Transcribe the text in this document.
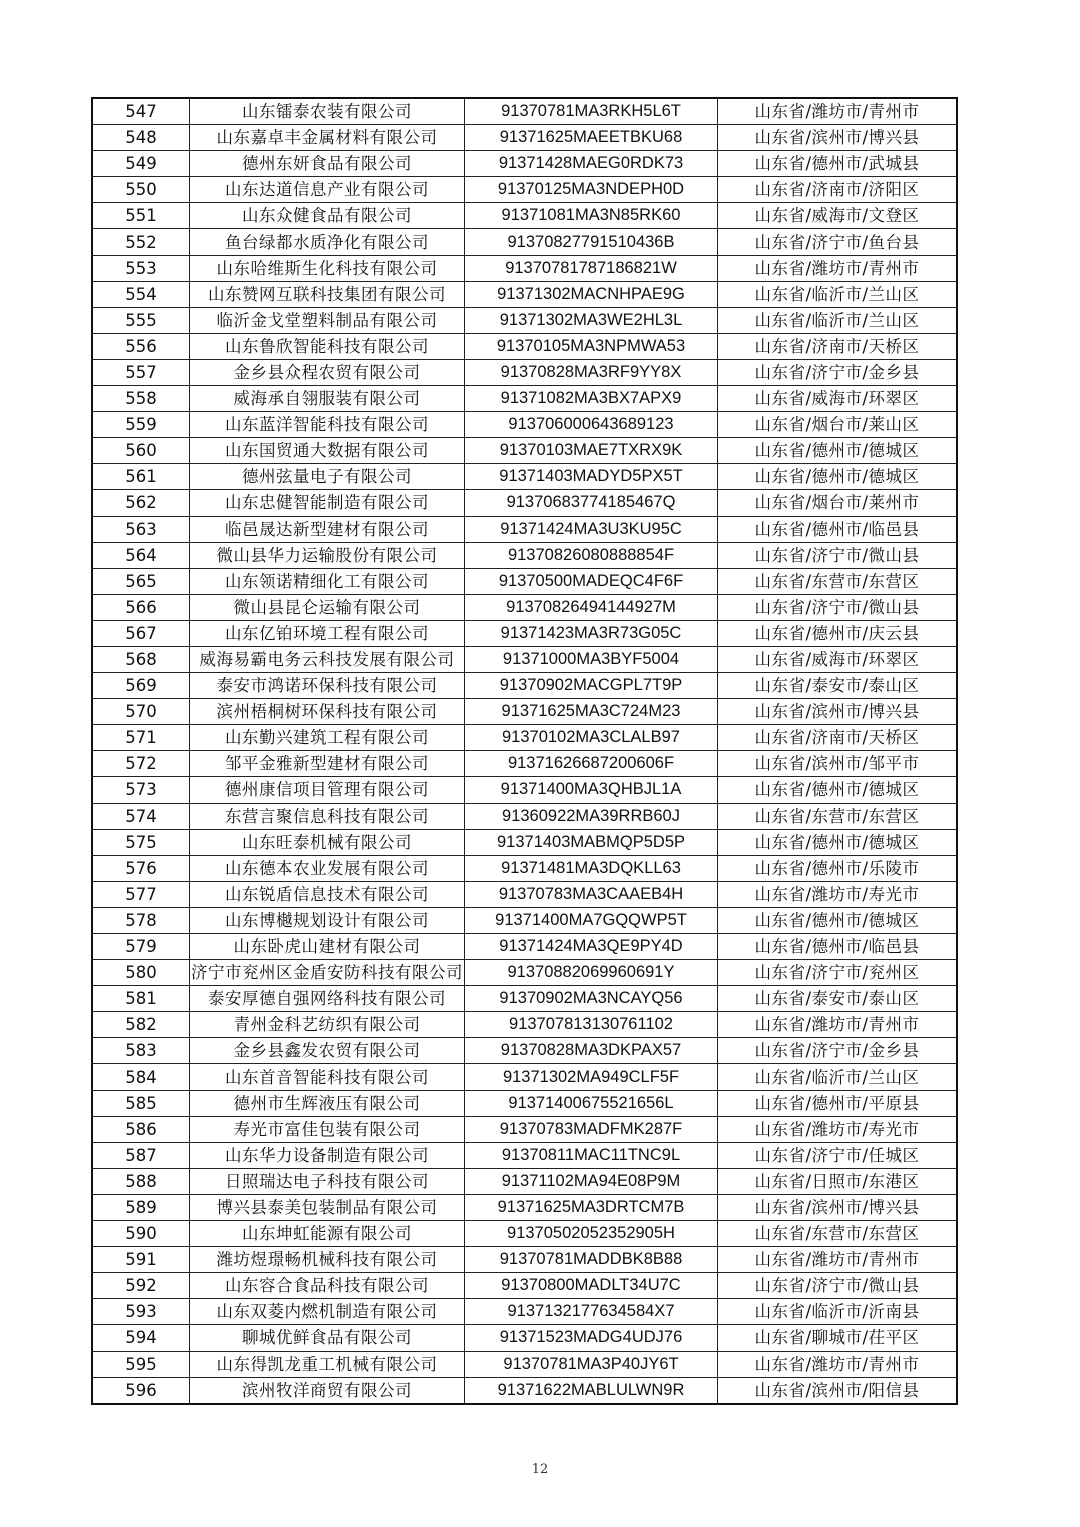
547	山东镭泰农装有限公司	91370781MA3RKH5L6T	山东省/潍坊市/青州市
548	山东嘉卓丰金属材料有限公司	91371625MAEETBKU68	山东省/滨州市/博兴县
549	德州东妍食品有限公司	91371428MAEG0RDK73	山东省/德州市/武城县
550	山东达道信息产业有限公司	91370125MA3NDEPH0D	山东省/济南市/济阳区
551	山东众健食品有限公司	91371081MA3N85RK60	山东省/威海市/文登区
552	鱼台绿都水质净化有限公司	91370827791510436B	山东省/济宁市/鱼台县
553	山东哈维斯生化科技有限公司	91370781787186821W	山东省/潍坊市/青州市
554	山东赞网互联科技集团有限公司	91371302MACNHPAE9G	山东省/临沂市/兰山区
555	临沂金戈堂塑料制品有限公司	91371302MA3WE2HL3L	山东省/临沂市/兰山区
556	山东鲁欣智能科技有限公司	91370105MA3NPMWA53	山东省/济南市/天桥区
557	金乡县众程农贸有限公司	91370828MA3RF9YY8X	山东省/济宁市/金乡县
558	威海承自翎服装有限公司	91371082MA3BX7APX9	山东省/威海市/环翠区
559	山东蓝洋智能科技有限公司	913706000643689123	山东省/烟台市/莱山区
560	山东国贸通大数据有限公司	91370103MAE7TXRX9K	山东省/德州市/德城区
561	德州弦量电子有限公司	91371403MADYD5PX5T	山东省/德州市/德城区
562	山东忠健智能制造有限公司	91370683774185467Q	山东省/烟台市/莱州市
563	临邑晟达新型建材有限公司	91371424MA3U3KU95C	山东省/德州市/临邑县
564	微山县华力运输股份有限公司	91370826080888854F	山东省/济宁市/微山县
565	山东领诺精细化工有限公司	91370500MADEQC4F6F	山东省/东营市/东营区
566	微山县昆仑运输有限公司	91370826494144927M	山东省/济宁市/微山县
567	山东亿铂环境工程有限公司	91371423MA3R73G05C	山东省/德州市/庆云县
568	威海易霸电务云科技发展有限公司	91371000MA3BYF5004	山东省/威海市/环翠区
569	泰安市鸿诺环保科技有限公司	91370902MACGPL7T9P	山东省/泰安市/泰山区
570	滨州梧桐树环保科技有限公司	91371625MA3C724M23	山东省/滨州市/博兴县
571	山东勤兴建筑工程有限公司	91370102MA3CLALB97	山东省/济南市/天桥区
572	邹平金雅新型建材有限公司	91371626687200606F	山东省/滨州市/邹平市
573	德州康信项目管理有限公司	91371400MA3QHBJL1A	山东省/德州市/德城区
574	东营言聚信息科技有限公司	91360922MA39RRB60J	山东省/东营市/东营区
575	山东旺泰机械有限公司	91371403MABMQP5D5P	山东省/德州市/德城区
576	山东德本农业发展有限公司	91371481MA3DQKLL63	山东省/德州市/乐陵市
577	山东锐盾信息技术有限公司	91370783MA3CAAEB4H	山东省/潍坊市/寿光市
578	山东博樾规划设计有限公司	91371400MA7GQQWP5T	山东省/德州市/德城区
579	山东卧虎山建材有限公司	91371424MA3QE9PY4D	山东省/德州市/临邑县
580	济宁市兖州区金盾安防科技有限公司	91370882069960691Y	山东省/济宁市/兖州区
581	泰安厚德自强网络科技有限公司	91370902MA3NCAYQ56	山东省/泰安市/泰山区
582	青州金科艺纺织有限公司	913707813130761102	山东省/潍坊市/青州市
583	金乡县鑫发农贸有限公司	91370828MA3DKPAX57	山东省/济宁市/金乡县
584	山东首音智能科技有限公司	91371302MA949CLF5F	山东省/临沂市/兰山区
585	德州市生辉液压有限公司	91371400675521656L	山东省/德州市/平原县
586	寿光市富佳包装有限公司	91370783MADFMK287F	山东省/潍坊市/寿光市
587	山东华力设备制造有限公司	91370811MAC11TNC9L	山东省/济宁市/任城区
588	日照瑞达电子科技有限公司	91371102MA94E08P9M	山东省/日照市/东港区
589	博兴县泰美包装制品有限公司	91371625MA3DRTCM7B	山东省/滨州市/博兴县
590	山东坤虹能源有限公司	91370502052352905H	山东省/东营市/东营区
591	潍坊煜璟畅机械科技有限公司	91370781MADDBK8B88	山东省/潍坊市/青州市
592	山东容合食品科技有限公司	91370800MADLT34U7C	山东省/济宁市/微山县
593	山东双菱内燃机制造有限公司	9137132177634584X7	山东省/临沂市/沂南县
594	聊城优鲜食品有限公司	91371523MADG4UDJ76	山东省/聊城市/茌平区
595	山东得凯龙重工机械有限公司	91370781MA3P40JY6T	山东省/潍坊市/青州市
596	滨州牧洋商贸有限公司	91371622MABLULWN9R	山东省/滨州市/阳信县
12
